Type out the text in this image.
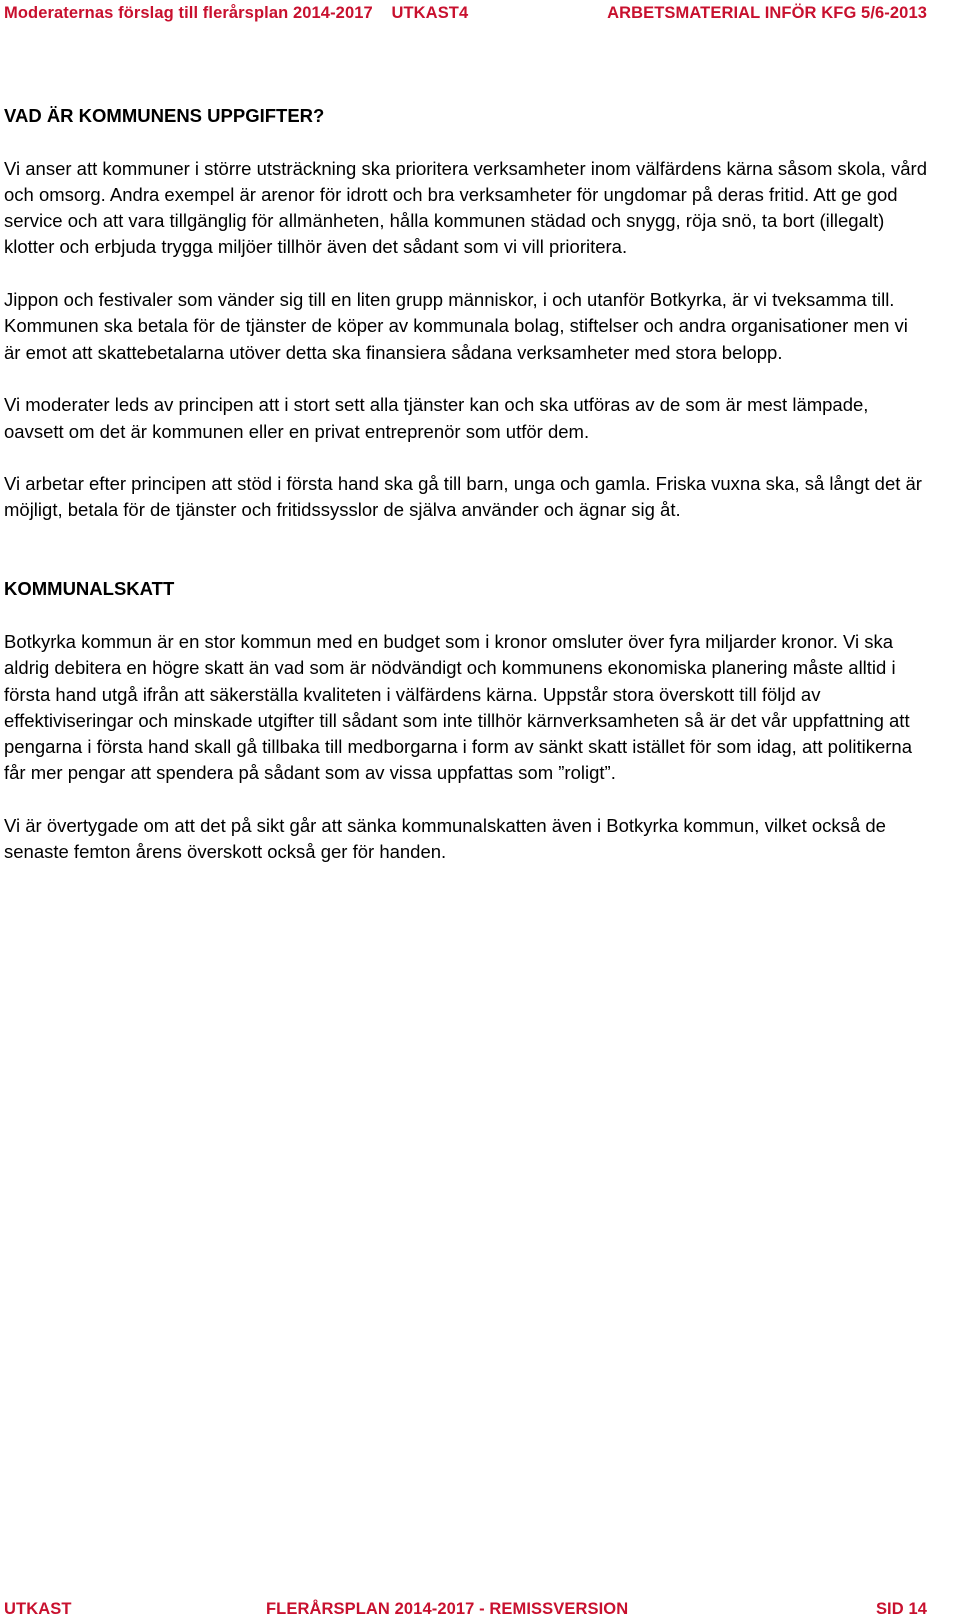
Moderaternas förslag till flerårsplan 2014-2017 UTKAST4	ARBETSMATERIAL INFÖR KFG 5/6-2013
VAD ÄR KOMMUNENS UPPGIFTER?

Vi anser att kommuner i större utsträckning ska prioritera verksamheter inom välfärdens kärna såsom skola, vård och omsorg. Andra exempel är arenor för idrott och bra verksamheter för ungdomar på deras fritid. Att ge god service och att vara tillgänglig för allmänheten, hålla kommunen städad och snygg, röja snö, ta bort (illegalt) klotter och erbjuda trygga miljöer tillhör även det sådant som vi vill prioritera.

Jippon och festivaler som vänder sig till en liten grupp människor, i och utanför Botkyrka, är vi tveksamma till. Kommunen ska betala för de tjänster de köper av kommunala bolag, stiftelser och andra organisationer men vi är emot att skattebetalarna utöver detta ska finansiera sådana verksamheter med stora belopp.

Vi moderater leds av principen att i stort sett alla tjänster kan och ska utföras av de som är mest lämpade, oavsett om det är kommunen eller en privat entreprenör som utför dem.

Vi arbetar efter principen att stöd i första hand ska gå till barn, unga och gamla. Friska vuxna ska, så långt det är möjligt, betala för de tjänster och fritidssysslor de själva använder och ägnar sig åt.

KOMMUNALSKATT

Botkyrka kommun är en stor kommun med en budget som i kronor omsluter över fyra miljarder kronor. Vi ska aldrig debitera en högre skatt än vad som är nödvändigt och kommunens ekonomiska planering måste alltid i första hand utgå ifrån att säkerställa kvaliteten i välfärdens kärna. Uppstår stora överskott till följd av effektiviseringar och minskade utgifter till sådant som inte tillhör kärnverksamheten så är det vår uppfattning att pengarna i första hand skall gå tillbaka till medborgarna i form av sänkt skatt istället för som idag, att politikerna får mer pengar att spendera på sådant som av vissa uppfattas som ”roligt”.

Vi är övertygade om att det på sikt går att sänka kommunalskatten även i Botkyrka kommun, vilket också de senaste femton årens överskott också ger för handen.

UTKAST	FLERÅRSPLAN 2014-2017 - REMISSVERSION	SID 14
